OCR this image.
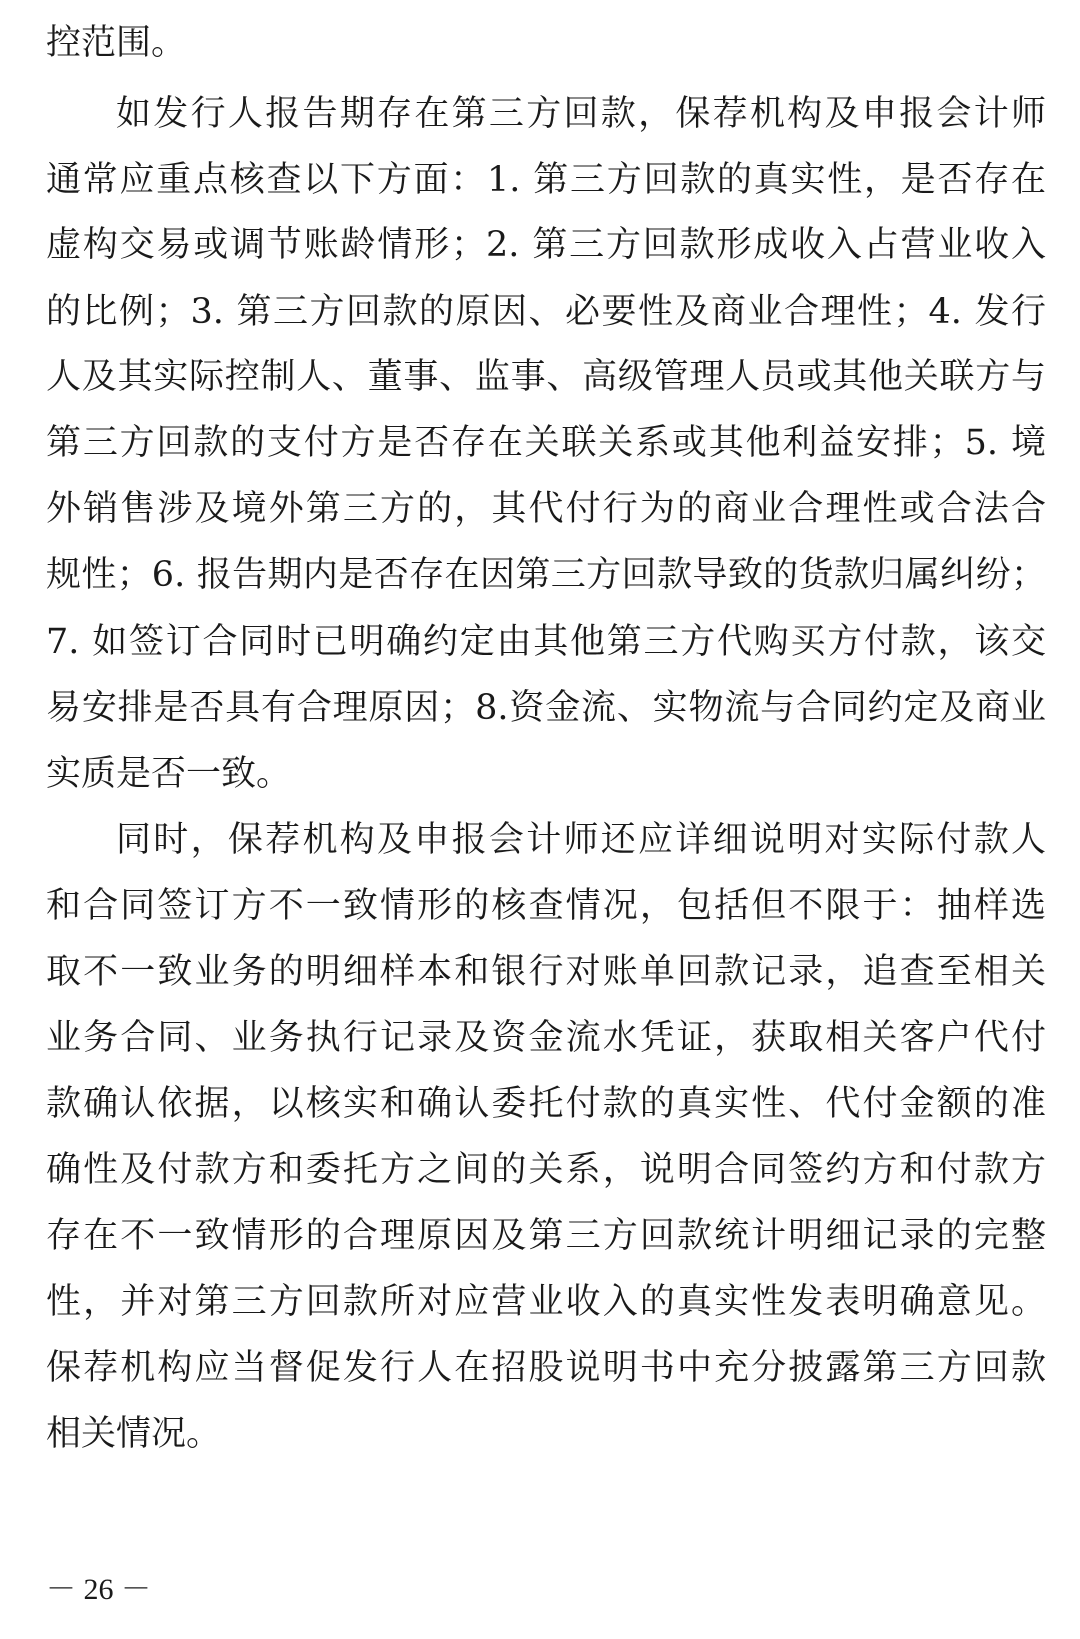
控范围。
如发行人报告期存在第三方回款，保荐机构及申报会计师
通常应重点核查以下方面：1. 第三方回款的真实性，是否存在
虚构交易或调节账龄情形；2. 第三方回款形成收入占营业收入
的比例；3. 第三方回款的原因、必要性及商业合理性；4. 发行
人及其实际控制人、董事、监事、高级管理人员或其他关联方与
第三方回款的支付方是否存在关联关系或其他利益安排；5. 境
外销售涉及境外第三方的，其代付行为的商业合理性或合法合
规性；6. 报告期内是否存在因第三方回款导致的货款归属纠纷；
7. 如签订合同时已明确约定由其他第三方代购买方付款，该交
易安排是否具有合理原因；8.资金流、实物流与合同约定及商业
实质是否一致。
同时，保荐机构及申报会计师还应详细说明对实际付款人
和合同签订方不一致情形的核查情况，包括但不限于：抽样选
取不一致业务的明细样本和银行对账单回款记录，追查至相关
业务合同、业务执行记录及资金流水凭证，获取相关客户代付
款确认依据，以核实和确认委托付款的真实性、代付金额的准
确性及付款方和委托方之间的关系，说明合同签约方和付款方
存在不一致情形的合理原因及第三方回款统计明细记录的完整
性，并对第三方回款所对应营业收入的真实性发表明确意见。
保荐机构应当督促发行人在招股说明书中充分披露第三方回款
相关情况。
－ 26 －
